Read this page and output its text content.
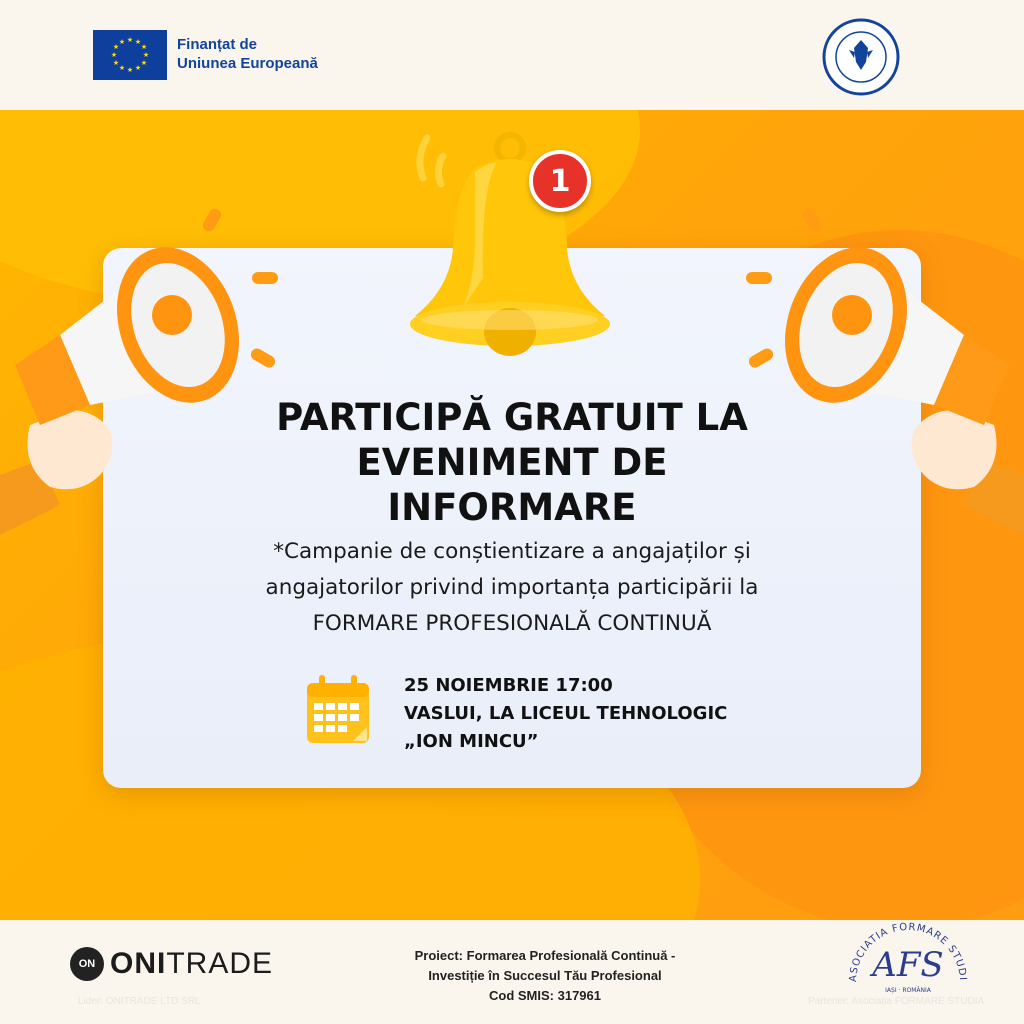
★ ★
★
★
★
★
★
★
★
★
★
★	Finanțat de
Uniunea Europeană
1
PARTICIPĂ GRATUIT LA
EVENIMENT DE
INFORMARE
*Campanie de conștientizare a angajaților și
angajatorilor privind importanța participării la
FORMARE PROFESIONALĂ CONTINUĂ
25 NOIEMBRIE 17:00
VASLUI, LA LICEUL TEHNOLOGIC
„ION MINCU”
ON ONITRADE
Lider: ONITRADE LTD SRL
Proiect: Formarea Profesională Continuă -
Investiție în Succesul Tău Profesional
Cod SMIS: 317961
ASOCIATIA FORMARE STUDI
AFS
IAȘI · ROMÂNIA
Partener: Asociația FORMARE STUDIA
